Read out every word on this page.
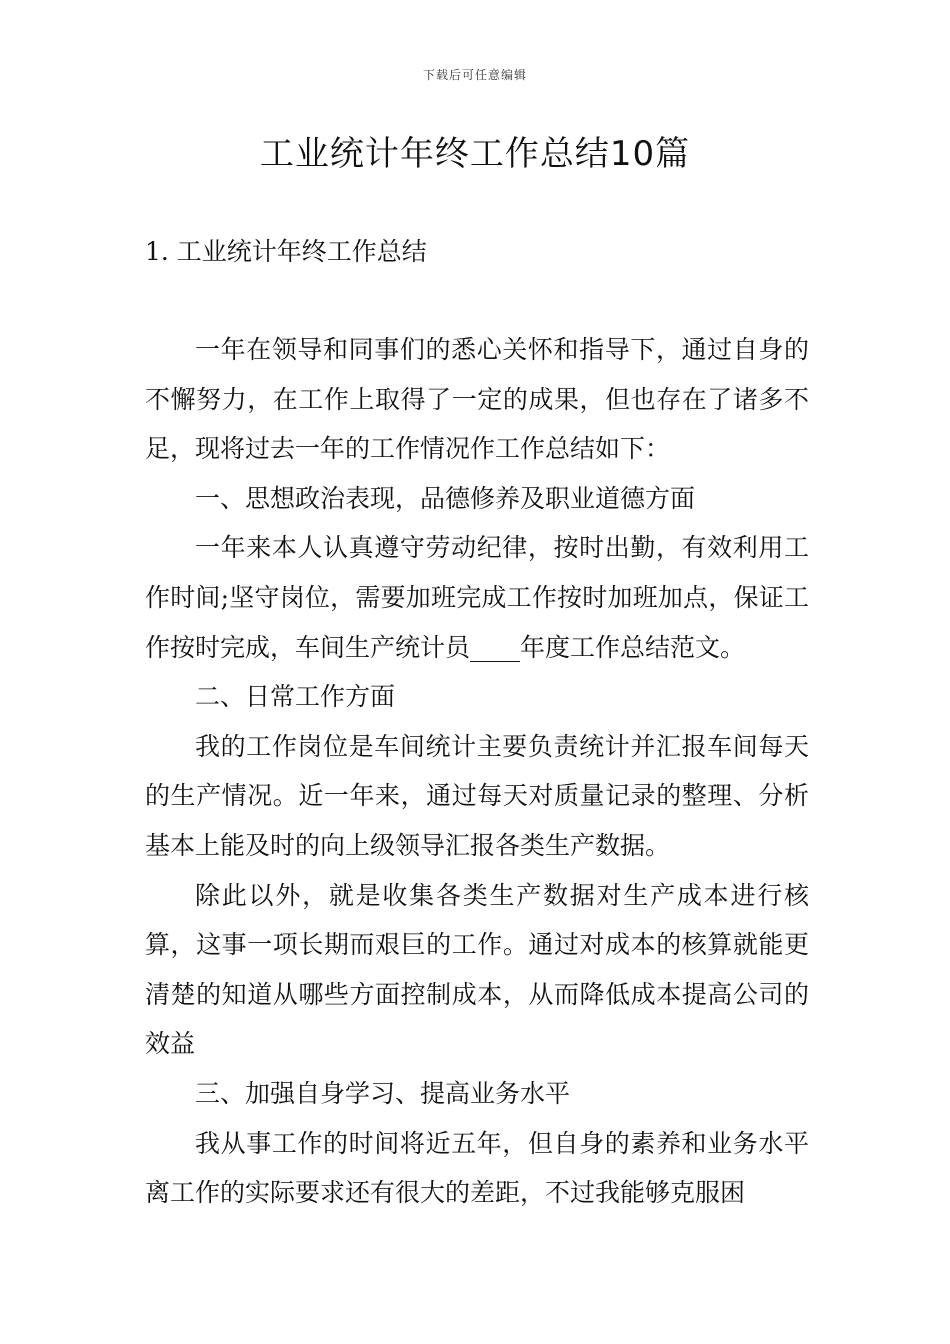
下载后可任意编辑
工业统计年终工作总结10篇
1. 工业统计年终工作总结

一年在领导和同事们的悉心关怀和指导下，通过自身的不懈努力，在工作上取得了一定的成果，但也存在了诸多不足，现将过去一年的工作情况作工作总结如下：

一、思想政治表现，品德修养及职业道德方面

一年来本人认真遵守劳动纪律，按时出勤，有效利用工作时间;坚守岗位，需要加班完成工作按时加班加点，保证工作按时完成，车间生产统计员____年度工作总结范文。

二、日常工作方面

我的工作岗位是车间统计主要负责统计并汇报车间每天的生产情况。近一年来，通过每天对质量记录的整理、分析基本上能及时的向上级领导汇报各类生产数据。

除此以外，就是收集各类生产数据对生产成本进行核算，这事一项长期而艰巨的工作。通过对成本的核算就能更清楚的知道从哪些方面控制成本，从而降低成本提高公司的效益

三、加强自身学习、提高业务水平

我从事工作的时间将近五年，但自身的素养和业务水平离工作的实际要求还有很大的差距，不过我能够克服困
